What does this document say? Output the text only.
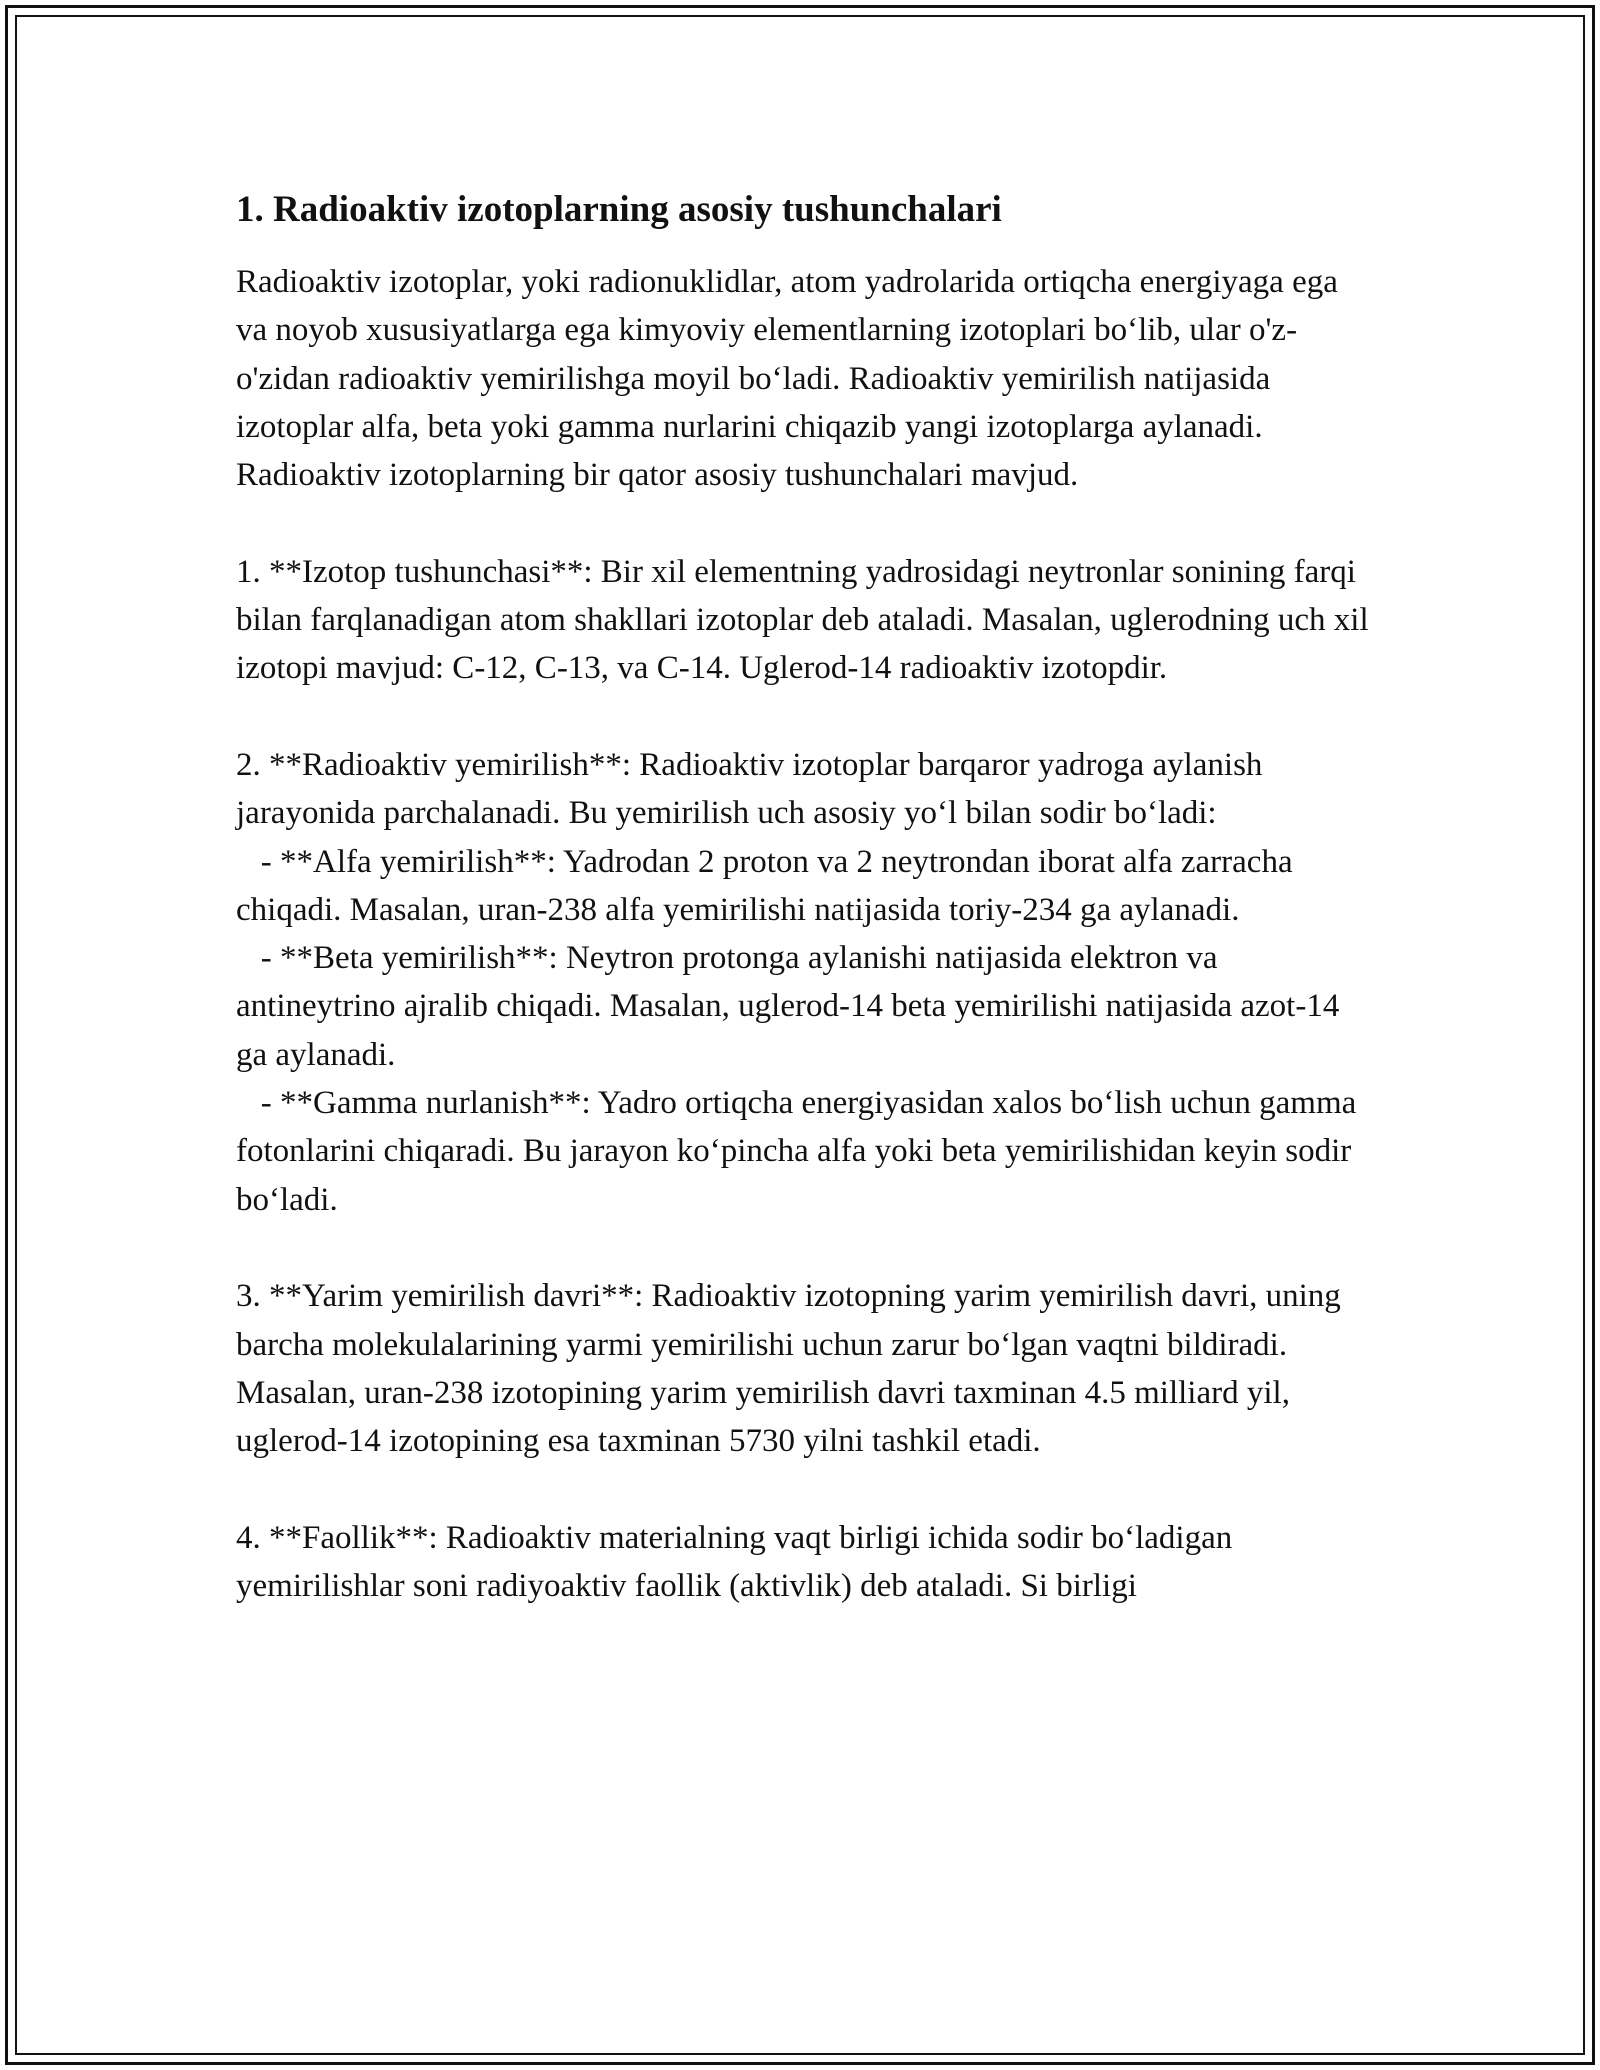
1. Radioaktiv izotoplarning asosiy tushunchalari

Radioaktiv izotoplar, yoki radionuklidlar, atom yadrolarida ortiqcha energiyaga ega va noyob xususiyatlarga ega kimyoviy elementlarning izotoplari bo‘lib, ular o'z-o'zidan radioaktiv yemirilishga moyil bo‘ladi. Radioaktiv yemirilish natijasida izotoplar alfa, beta yoki gamma nurlarini chiqazib yangi izotoplarga aylanadi. Radioaktiv izotoplarning bir qator asosiy tushunchalari mavjud.

1. **Izotop tushunchasi**: Bir xil elementning yadrosidagi neytronlar sonining farqi bilan farqlanadigan atom shakllari izotoplar deb ataladi. Masalan, uglerodning uch xil izotopi mavjud: C-12, C-13, va C-14. Uglerod-14 radioaktiv izotopdir.

2. **Radioaktiv yemirilish**: Radioaktiv izotoplar barqaror yadroga aylanish jarayonida parchalanadi. Bu yemirilish uch asosiy yo‘l bilan sodir bo‘ladi:

- **Alfa yemirilish**: Yadrodan 2 proton va 2 neytrondan iborat alfa zarracha chiqadi. Masalan, uran-238 alfa yemirilishi natijasida toriy-234 ga aylanadi.

- **Beta yemirilish**: Neytron protonga aylanishi natijasida elektron va antineytrino ajralib chiqadi. Masalan, uglerod-14 beta yemirilishi natijasida azot-14 ga aylanadi.

- **Gamma nurlanish**: Yadro ortiqcha energiyasidan xalos bo‘lish uchun gamma fotonlarini chiqaradi. Bu jarayon ko‘pincha alfa yoki beta yemirilishidan keyin sodir bo‘ladi.

3. **Yarim yemirilish davri**: Radioaktiv izotopning yarim yemirilish davri, uning barcha molekulalarining yarmi yemirilishi uchun zarur bo‘lgan vaqtni bildiradi. Masalan, uran-238 izotopining yarim yemirilish davri taxminan 4.5 milliard yil, uglerod-14 izotopining esa taxminan 5730 yilni tashkil etadi.

4. **Faollik**: Radioaktiv materialning vaqt birligi ichida sodir bo‘ladigan yemirilishlar soni radiyoaktiv faollik (aktivlik) deb ataladi. Si birligi
